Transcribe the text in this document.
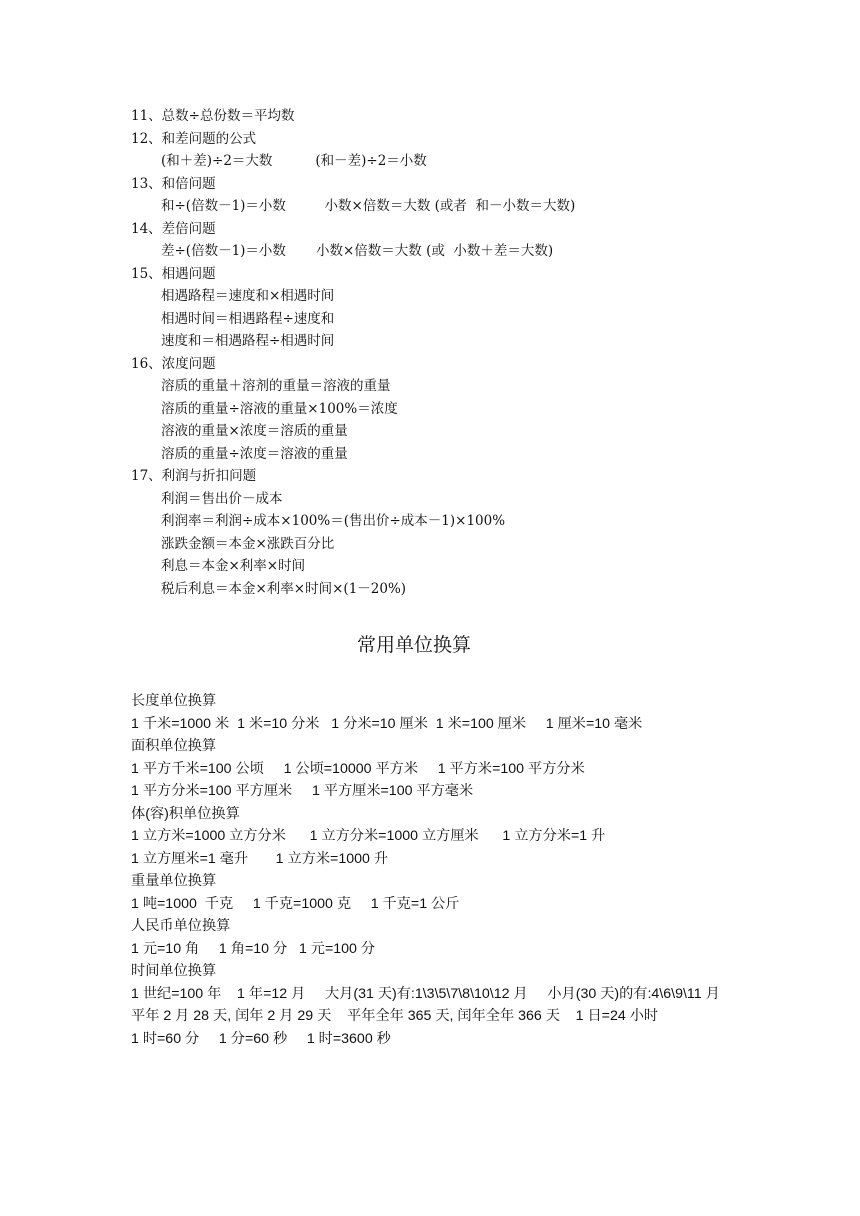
11、总数÷总份数＝平均数
12、和差问题的公式
(和＋差)÷2＝大数          (和－差)÷2＝小数
13、和倍问题
和÷(倍数－1)＝小数         小数×倍数＝大数 (或者  和－小数＝大数)
14、差倍问题
差÷(倍数－1)＝小数       小数×倍数＝大数 (或  小数＋差＝大数)
15、相遇问题
相遇路程＝速度和×相遇时间
相遇时间＝相遇路程÷速度和
速度和＝相遇路程÷相遇时间
16、浓度问题
溶质的重量＋溶剂的重量＝溶液的重量
溶质的重量÷溶液的重量×100%＝浓度
溶液的重量×浓度＝溶质的重量
溶质的重量÷浓度＝溶液的重量
17、利润与折扣问题
利润＝售出价－成本
利润率＝利润÷成本×100%＝(售出价÷成本－1)×100%
涨跌金额＝本金×涨跌百分比
利息＝本金×利率×时间
税后利息＝本金×利率×时间×(1－20%)
常用单位换算
长度单位换算
1 千米=1000 米  1 米=10 分米   1 分米=10 厘米  1 米=100 厘米     1 厘米=10 毫米
面积单位换算
1 平方千米=100 公顷     1 公顷=10000 平方米     1 平方米=100 平方分米
1 平方分米=100 平方厘米     1 平方厘米=100 平方毫米
体(容)积单位换算
1 立方米=1000 立方分米      1 立方分米=1000 立方厘米      1 立方分米=1 升
1 立方厘米=1 毫升       1 立方米=1000 升
重量单位换算
1 吨=1000  千克     1 千克=1000 克     1 千克=1 公斤
人民币单位换算
1 元=10 角     1 角=10 分   1 元=100 分
时间单位换算
1 世纪=100 年    1 年=12 月     大月(31 天)有:1\3\5\7\8\10\12 月     小月(30 天)的有:4\6\9\11 月
平年 2 月 28 天, 闰年 2 月 29 天    平年全年 365 天, 闰年全年 366 天    1 日=24 小时
1 时=60 分     1 分=60 秒     1 时=3600 秒
